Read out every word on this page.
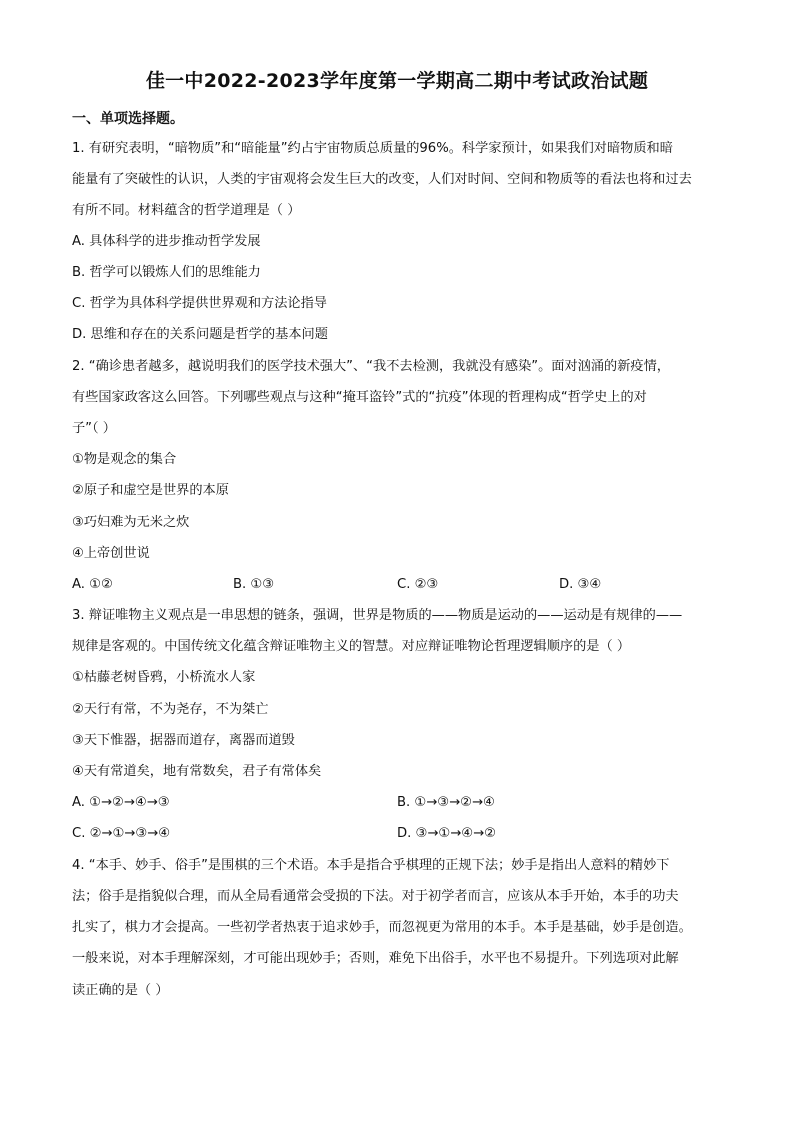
佳一中2022-2023学年度第一学期高二期中考试政治试题
一、单项选择题。
1. 有研究表明，“暗物质”和“暗能量”约占宇宙物质总质量的96%。科学家预计，如果我们对暗物质和暗
能量有了突破性的认识，人类的宇宙观将会发生巨大的改变，人们对时间、空间和物质等的看法也将和过去
有所不同。材料蕴含的哲学道理是（ ）
A. 具体科学的进步推动哲学发展
B. 哲学可以锻炼人们的思维能力
C. 哲学为具体科学提供世界观和方法论指导
D. 思维和存在的关系问题是哲学的基本问题
2. “确诊患者越多，越说明我们的医学技术强大”、“我不去检测，我就没有感染”。面对汹涌的新疫情，
有些国家政客这么回答。下列哪些观点与这种“掩耳盗铃”式的“抗疫”体现的哲理构成“哲学史上的对
子”（ ）
①物是观念的集合
②原子和虚空是世界的本原
③巧妇难为无米之炊
④上帝创世说
A. ①②	B. ①③	C. ②③	D. ③④
3. 辩证唯物主义观点是一串思想的链条，强调，世界是物质的——物质是运动的——运动是有规律的——
规律是客观的。中国传统文化蕴含辩证唯物主义的智慧。对应辩证唯物论哲理逻辑顺序的是（ ）
①枯藤老树昏鸦，小桥流水人家
②天行有常，不为尧存，不为桀亡
③天下惟器，据器而道存，离器而道毁
④天有常道矣，地有常数矣，君子有常体矣
A. ①→②→④→③	B. ①→③→②→④
C. ②→①→③→④	D. ③→①→④→②
4. “本手、妙手、俗手”是围棋的三个术语。本手是指合乎棋理的正规下法；妙手是指出人意料的精妙下
法；俗手是指貌似合理，而从全局看通常会受损的下法。对于初学者而言，应该从本手开始，本手的功夫
扎实了，棋力才会提高。一些初学者热衷于追求妙手，而忽视更为常用的本手。本手是基础，妙手是创造。
一般来说，对本手理解深刻，才可能出现妙手；否则，难免下出俗手，水平也不易提升。下列选项对此解
读正确的是（ ）
